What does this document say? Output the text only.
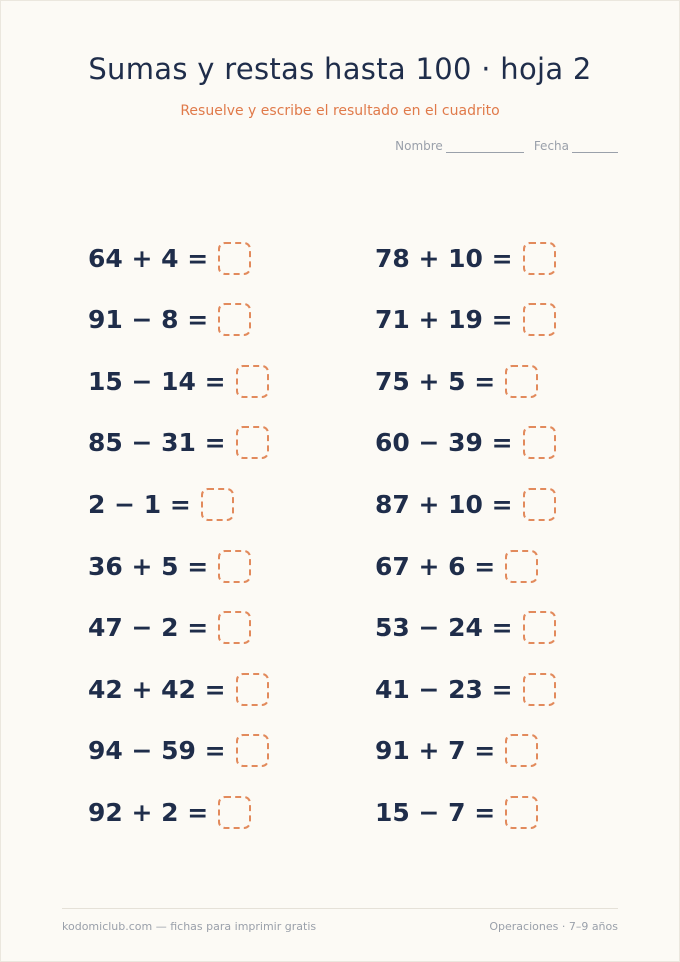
Sumas y restas hasta 100 · hoja 2
Resuelve y escribe el resultado en el cuadrito
Nombre	Fecha
64 + 4 =
91 − 8 =
15 − 14 =
85 − 31 =
2 − 1 =
36 + 5 =
47 − 2 =
42 + 42 =
94 − 59 =
92 + 2 =
78 + 10 =
71 + 19 =
75 + 5 =
60 − 39 =
87 + 10 =
67 + 6 =
53 − 24 =
41 − 23 =
91 + 7 =
15 − 7 =
kodomiclub.com — fichas para imprimir gratis	Operaciones · 7–9 años
